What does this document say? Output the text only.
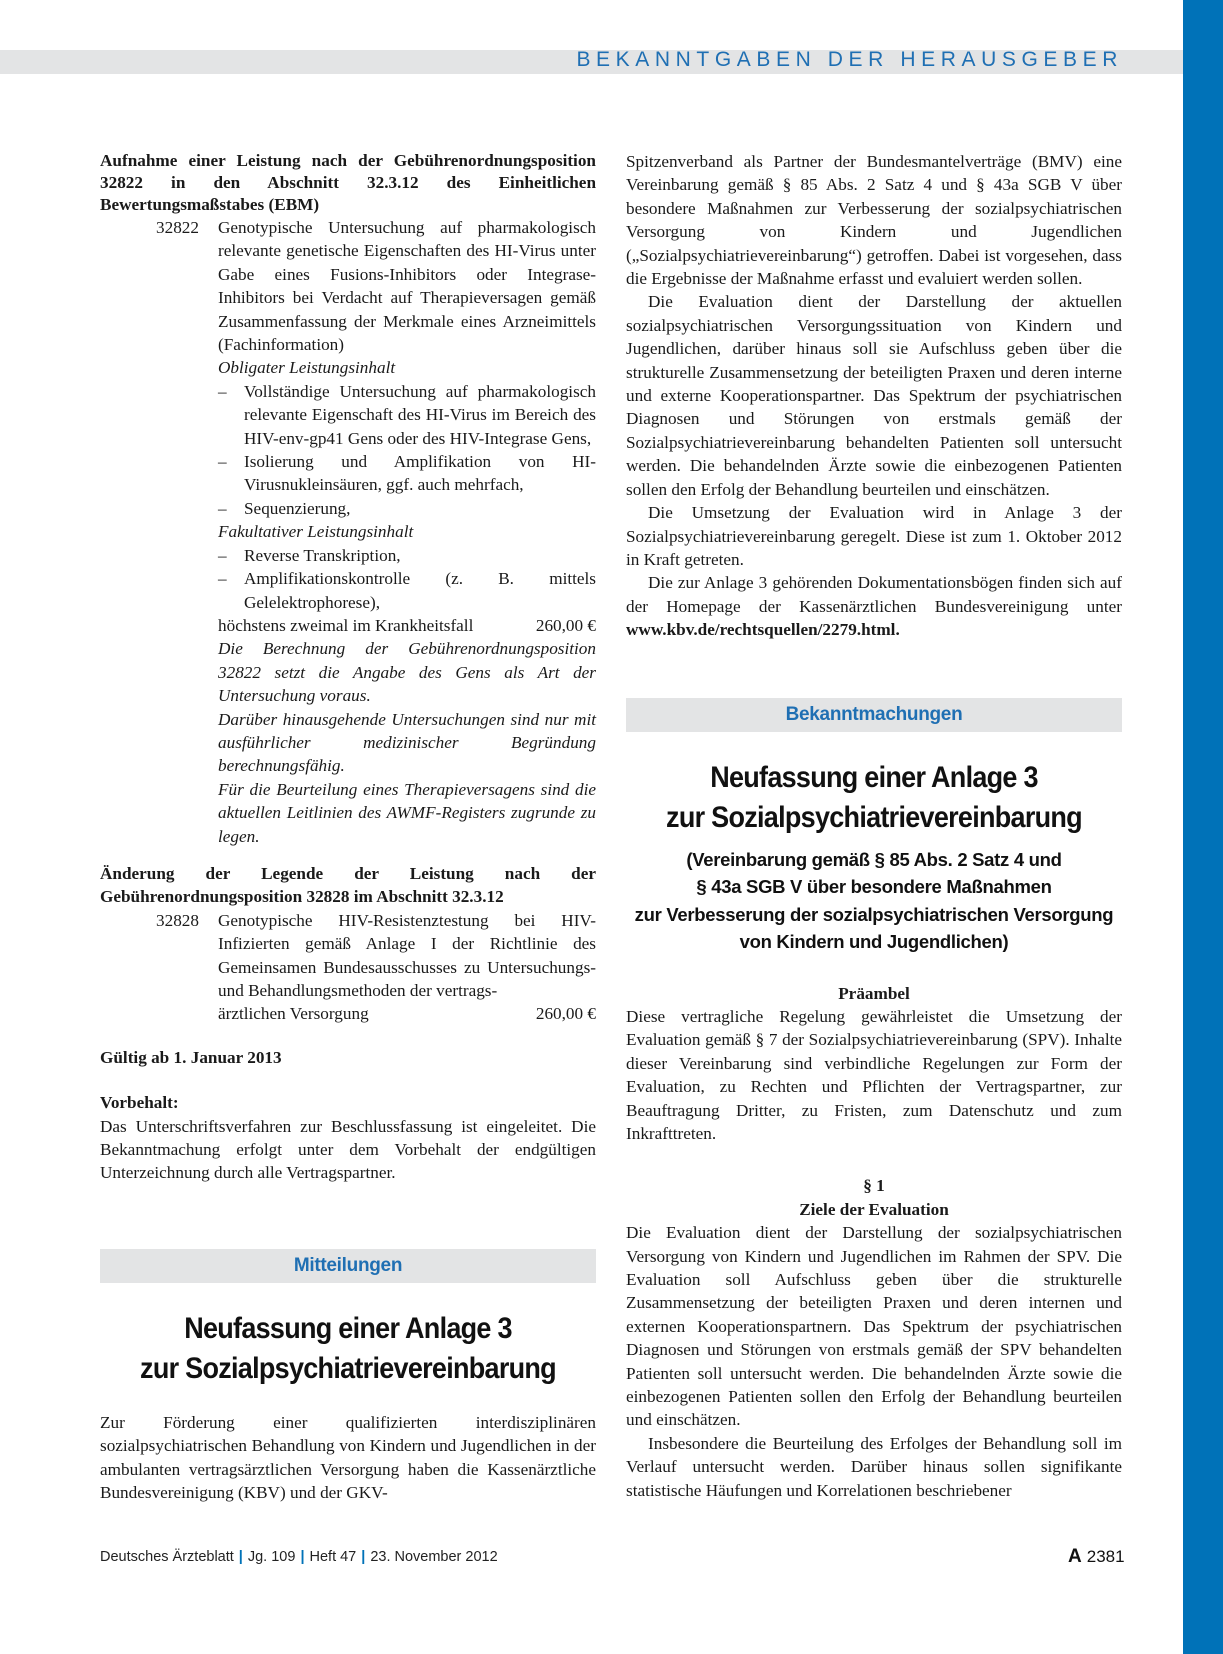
BEKANNTGABEN DER HERAUSGEBER

Aufnahme einer Leistung nach der Gebührenordnungsposition 32822 in den Abschnitt 32.3.12 des Einheitlichen Bewertungsmaßstabes (EBM)

32822 Genotypische Untersuchung auf pharmakologisch relevante genetische Eigenschaften des HI-Virus unter Gabe eines Fusions-Inhibitors oder Integrase-Inhibitors bei Verdacht auf Therapieversagen gemäß Zusammenfassung der Merkmale eines Arzneimittels (Fachinformation)

Obligater Leistungsinhalt

– Vollständige Untersuchung auf pharmakologisch relevante Eigenschaft des HI-Virus im Bereich des HIV-env-gp41 Gens oder des HIV-Integrase Gens,
– Isolierung und Amplifikation von HI-Virusnukleinsäuren, ggf. auch mehrfach,
– Sequenzierung,

Fakultativer Leistungsinhalt

– Reverse Transkription,
– Amplifikationskontrolle (z. B. mittels Gelelektrophorese),
höchstens zweimal im Krankheitsfall	260,00 €

Die Berechnung der Gebührenordnungsposition 32822 setzt die Angabe des Gens als Art der Untersuchung voraus.

Darüber hinausgehende Untersuchungen sind nur mit ausführlicher medizinischer Begründung berechnungsfähig.

Für die Beurteilung eines Therapieversagens sind die aktuellen Leitlinien des AWMF-Registers zugrunde zu legen.

Änderung der Legende der Leistung nach der Gebührenordnungsposition 32828 im Abschnitt 32.3.12

32828 Genotypische HIV-Resistenztestung bei HIV-Infizierten gemäß Anlage I der Richtlinie des Gemeinsamen Bundesausschusses zu Untersuchungs- und Behandlungsmethoden der vertrags-
ärztlichen Versorgung	260,00 €

Gültig ab 1. Januar 2013

Vorbehalt:

Das Unterschriftsverfahren zur Beschlussfassung ist eingeleitet. Die Bekanntmachung erfolgt unter dem Vorbehalt der endgültigen Unterzeichnung durch alle Vertragspartner.

Mitteilungen
Neufassung einer Anlage 3
zur Sozialpsychiatrievereinbarung

Zur Förderung einer qualifizierten interdisziplinären sozialpsychiatrischen Behandlung von Kindern und Jugendlichen in der ambulanten vertragsärztlichen Versorgung haben die Kassenärztliche Bundesvereinigung (KBV) und der GKV-

Spitzenverband als Partner der Bundesmantelverträge (BMV) eine Vereinbarung gemäß § 85 Abs. 2 Satz 4 und § 43a SGB V über besondere Maßnahmen zur Verbesserung der sozialpsychiatrischen Versorgung von Kindern und Jugendlichen („Sozialpsychiatrievereinbarung“) getroffen. Dabei ist vorgesehen, dass die Ergebnisse der Maßnahme erfasst und evaluiert werden sollen.

Die Evaluation dient der Darstellung der aktuellen sozialpsychiatrischen Versorgungssituation von Kindern und Jugendlichen, darüber hinaus soll sie Aufschluss geben über die strukturelle Zusammensetzung der beteiligten Praxen und deren interne und externe Kooperationspartner. Das Spektrum der psychiatrischen Diagnosen und Störungen von erstmals gemäß der Sozialpsychiatrievereinbarung behandelten Patienten soll untersucht werden. Die behandelnden Ärzte sowie die einbezogenen Patienten sollen den Erfolg der Behandlung beurteilen und einschätzen.

Die Umsetzung der Evaluation wird in Anlage 3 der Sozialpsychiatrievereinbarung geregelt. Diese ist zum 1. Oktober 2012 in Kraft getreten.

Die zur Anlage 3 gehörenden Dokumentationsbögen finden sich auf der Homepage der Kassenärztlichen Bundesvereinigung unter www.kbv.de/rechtsquellen/2279.html.

Bekanntmachungen
Neufassung einer Anlage 3
zur Sozialpsychiatrievereinbarung
(Vereinbarung gemäß § 85 Abs. 2 Satz 4 und
§ 43a SGB V über besondere Maßnahmen
zur Verbesserung der sozialpsychiatrischen Versorgung
von Kindern und Jugendlichen)

Präambel

Diese vertragliche Regelung gewährleistet die Umsetzung der Evaluation gemäß § 7 der Sozialpsychiatrievereinbarung (SPV). Inhalte dieser Vereinbarung sind verbindliche Regelungen zur Form der Evaluation, zu Rechten und Pflichten der Vertragspartner, zur Beauftragung Dritter, zu Fristen, zum Datenschutz und zum Inkrafttreten.

§ 1

Ziele der Evaluation

Die Evaluation dient der Darstellung der sozialpsychiatrischen Versorgung von Kindern und Jugendlichen im Rahmen der SPV. Die Evaluation soll Aufschluss geben über die strukturelle Zusammensetzung der beteiligten Praxen und deren internen und externen Kooperationspartnern. Das Spektrum der psychiatrischen Diagnosen und Störungen von erstmals gemäß der SPV behandelten Patienten soll untersucht werden. Die behandelnden Ärzte sowie die einbezogenen Patienten sollen den Erfolg der Behandlung beurteilen und einschätzen.

Insbesondere die Beurteilung des Erfolges der Behandlung soll im Verlauf untersucht werden. Darüber hinaus sollen signifikante statistische Häufungen und Korrelationen beschriebener

Deutsches Ärzteblatt | Jg. 109 | Heft 47 | 23. November 2012	A 2381
